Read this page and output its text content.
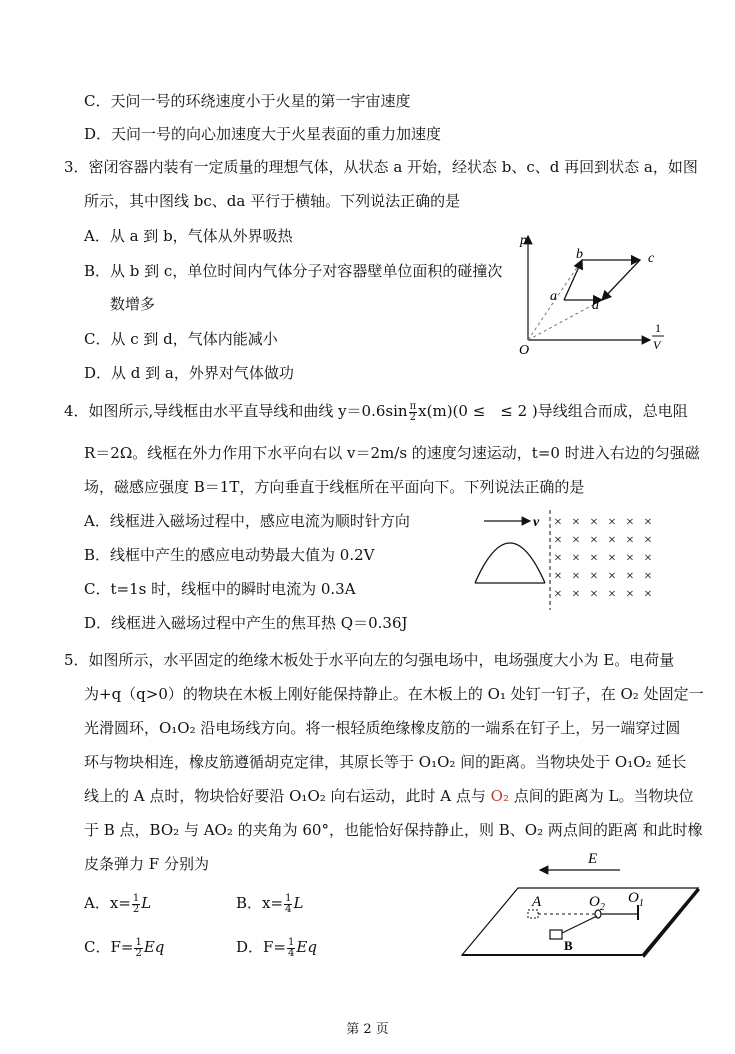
C．天问一号的环绕速度小于火星的第一宇宙速度
D．天问一号的向心加速度大于火星表面的重力加速度
3．密闭容器内装有一定质量的理想气体，从状态 a 开始，经状态 b、c、d 再回到状态 a，如图
所示，其中图线 bc、da 平行于横轴。下列说法正确的是
A．从 a 到 b，气体从外界吸热
B．从 b 到 c，单位时间内气体分子对容器壁单位面积的碰撞次
数增多
C．从 c 到 d，气体内能减小
D．从 d 到 a，外界对气体做功
p
O
1
V
a
b	c
d
4．如图所示,导线框由水平直导线和曲线 $y=0.6\sin \frac{\pi}{2} x(m)(0$ ≤　≤ 2 )导线组合而成，总电阻
R＝2Ω。线框在外力作用下水平向右以 v＝2m/s 的速度匀速运动，t=0 时进入右边的匀强磁
场，磁感应强度 B＝1T，方向垂直于线框所在平面向下。下列说法正确的是
A．线框进入磁场过程中，感应电流为顺时针方向
B．线框中产生的感应电动势最大值为 0.2V
C．t=1s 时，线框中的瞬时电流为 0.3A
D．线框进入磁场过程中产生的焦耳热 Q＝0.36J
v × × × × × ×
× × × × × ×
× × × × × ×
× × × × × ×
× × × × × ×
5．如图所示，水平固定的绝缘木板处于水平向左的匀强电场中，电场强度大小为 E。电荷量
为+q（q>0）的物块在木板上刚好能保持静止。在木板上的 O₁ 处钉一钉子，在 O₂ 处固定一
光滑圆环，O₁O₂ 沿电场线方向。将一根轻质绝缘橡皮筋的一端系在钉子上，另一端穿过圆
环与物块相连，橡皮筋遵循胡克定律，其原长等于 O₁O₂ 间的距离。当物块处于 O₁O₂ 延长
线上的 A 点时，物块恰好要沿 O₁O₂ 向右运动，此时 A 点与 O₂ 点间的距离为 L。当物块位
于 B 点，BO₂ 与 AO₂ 的夹角为 60°，也能恰好保持静止，则 B、O₂ 两点间的距离 和此时橡
皮条弹力 F 分别为
A．$x= \frac{1}{2}$ L	B．$x= \frac{1}{4}$ L
C．$F= \frac{1}{2}$ Eq	D．$F= \frac{1}{4}$ Eq
E
A	$O_2$
$O_1$
B
第 2 页
